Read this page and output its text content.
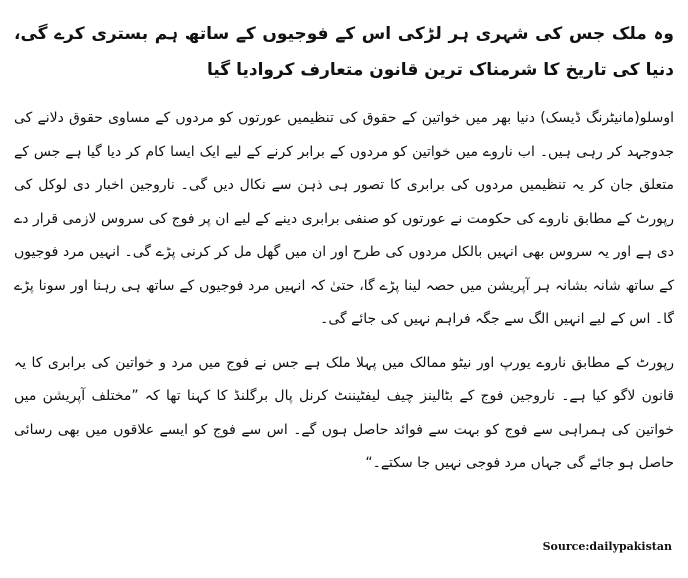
وہ ملک جس کی شہری ہر لڑکی اس کے فوجیوں کے ساتھ ہم بستری کرے گی، دنیا کی تاریخ کا شرمناک ترین قانون متعارف کروادیا گیا

اوسلو(مانیٹرنگ ڈیسک) دنیا بھر میں خواتین کے حقوق کی تنظیمیں عورتوں کو مردوں کے مساوی حقوق دلانے کی جدوجہد کر رہی ہیں۔ اب ناروے میں خواتین کو مردوں کے برابر کرنے کے لیے ایک ایسا کام کر دیا گیا ہے جس کے متعلق جان کر یہ تنظیمیں مردوں کی برابری کا تصور ہی ذہن سے نکال دیں گی۔ ناروجین اخبار دی لوکل کی رپورٹ کے مطابق ناروے کی حکومت نے عورتوں کو صنفی برابری دینے کے لیے ان پر فوج کی سروس لازمی قرار دے دی ہے اور یہ سروس بھی انہیں بالکل مردوں کی طرح اور ان میں گھل مل کر کرنی پڑے گی۔ انہیں مرد فوجیوں کے ساتھ شانہ بشانہ ہر آپریشن میں حصہ لینا پڑے گا، حتیٰ کہ انہیں مرد فوجیوں کے ساتھ ہی رہنا اور سونا پڑے گا۔ اس کے لیے انہیں الگ سے جگہ فراہم نہیں کی جائے گی۔

رپورٹ کے مطابق ناروے یورپ اور نیٹو ممالک میں پہلا ملک ہے جس نے فوج میں مرد و خواتین کی برابری کا یہ قانون لاگو کیا ہے۔ ناروجین فوج کے بٹالینز چیف لیفٹیننٹ کرنل پال برگلنڈ کا کہنا تھا کہ ”مختلف آپریشن میں خواتین کی ہمراہی سے فوج کو بہت سے فوائد حاصل ہوں گے۔ اس سے فوج کو ایسے علاقوں میں بھی رسائی حاصل ہو جائے گی جہاں مرد فوجی نہیں جا سکتے۔“

Source:dailypakistan
